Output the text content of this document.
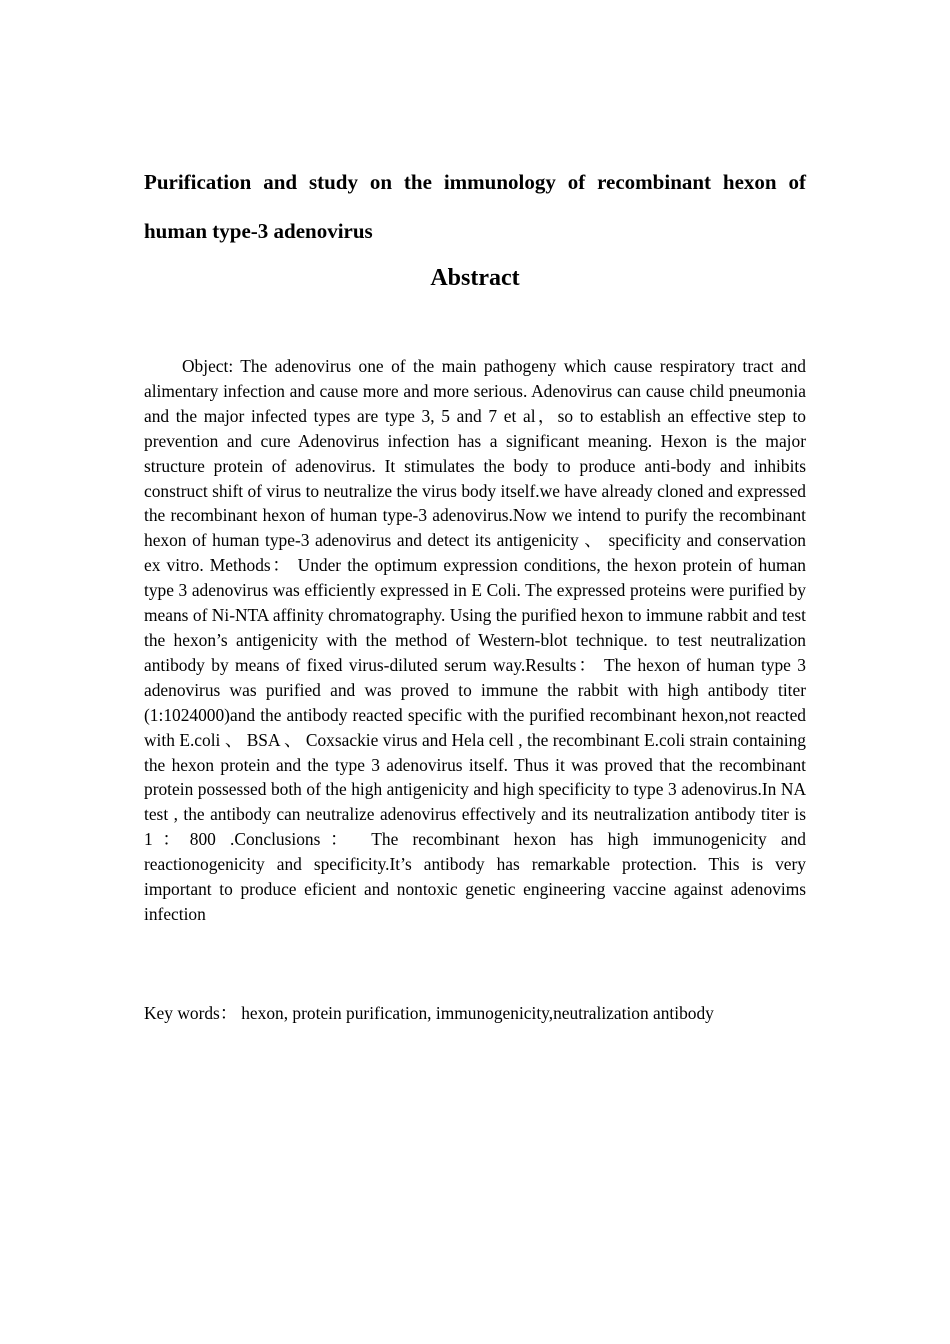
Purification and study on the immunology of recombinant hexon of human type-3 adenovirus
Abstract

Object: The adenovirus one of the main pathogeny which cause respiratory tract and alimentary infection and cause more and more serious. Adenovirus can cause child pneumonia and the major infected types are type 3, 5 and 7 et al，so to establish an effective step to prevention and cure Adenovirus infection has a significant meaning. Hexon is the major structure protein of adenovirus. It stimulates the body to produce anti-body and inhibits construct shift of virus to neutralize the virus body itself.we have already cloned and expressed the recombinant hexon of human type-3 adenovirus.Now we intend to purify the recombinant hexon of human type-3 adenovirus and detect its antigenicity 、 specificity and conservation ex vitro. Methods： Under the optimum expression conditions, the hexon protein of human type 3 adenovirus was efficiently expressed in E Coli. The expressed proteins were purified by means of Ni-NTA affinity chromatography. Using the purified hexon to immune rabbit and test the hexon’s antigenicity with the method of Western-blot technique. to test neutralization antibody by means of fixed virus-diluted serum way.Results： The hexon of human type 3 adenovirus was purified and was proved to immune the rabbit with high antibody titer (1:1024000)and the antibody reacted specific with the purified recombinant hexon,not reacted with E.coli 、 BSA 、 Coxsackie virus and Hela cell , the recombinant E.coli strain containing the hexon protein and the type 3 adenovirus itself. Thus it was proved that the recombinant protein possessed both of the high antigenicity and high specificity to type 3 adenovirus.In NA test , the antibody can neutralize adenovirus effectively and its neutralization antibody titer is 1：800 .Conclusions： The recombinant hexon has high immunogenicity and reactionogenicity and specificity.It’s antibody has remarkable protection. This is very important to produce eficient and nontoxic genetic engineering vaccine against adenovims infection

Key words： hexon, protein purification, immunogenicity,neutralization antibody
